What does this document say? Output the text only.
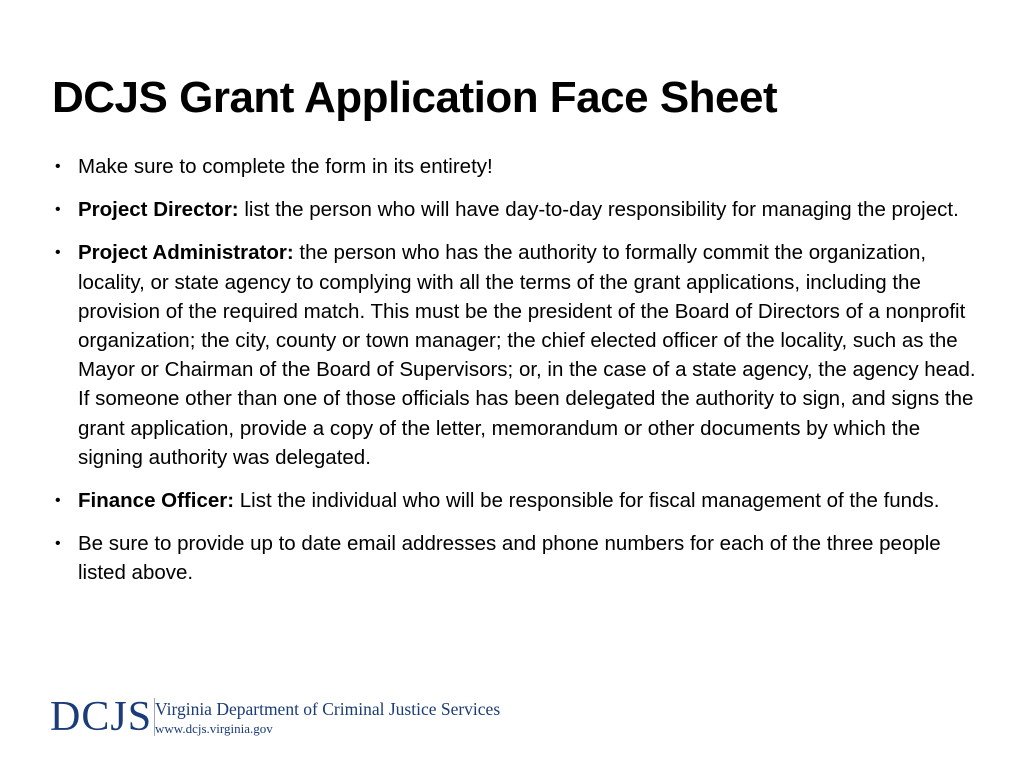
DCJS Grant Application Face Sheet
• Make sure to complete the form in its entirety!
• Project Director: list the person who will have day-to-day responsibility for managing the project.
• Project Administrator: the person who has the authority to formally commit the organization, locality, or state agency to complying with all the terms of the grant applications, including the provision of the required match. This must be the president of the Board of Directors of a nonprofit organization; the city, county or town manager; the chief elected officer of the locality, such as the Mayor or Chairman of the Board of Supervisors; or, in the case of a state agency, the agency head. If someone other than one of those officials has been delegated the authority to sign, and signs the grant application, provide a copy of the letter, memorandum or other documents by which the signing authority was delegated.
• Finance Officer: List the individual who will be responsible for fiscal management of the funds.
• Be sure to provide up to date email addresses and phone numbers for each of the three people listed above.
DCJS Virginia Department of Criminal Justice Services
www.dcjs.virginia.gov
